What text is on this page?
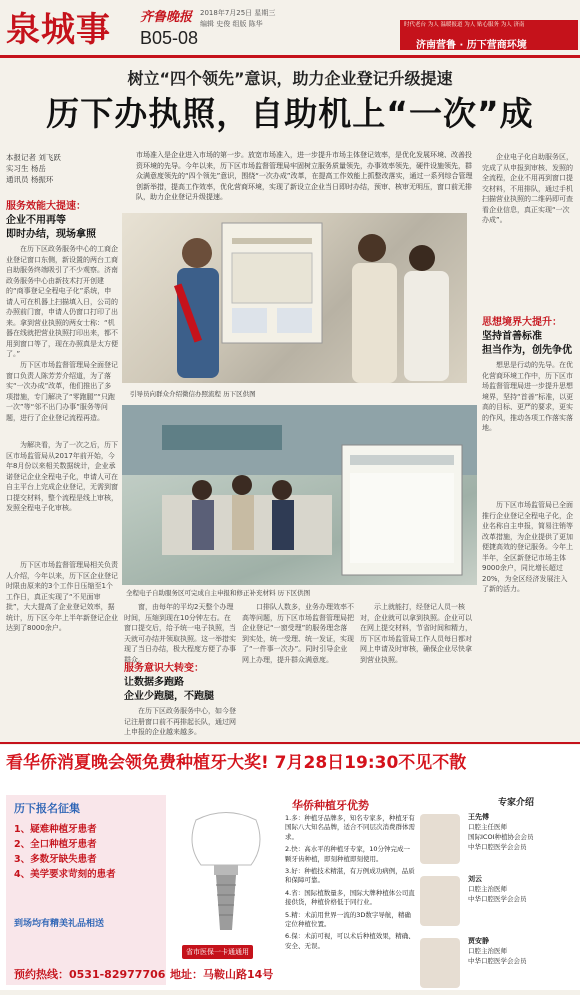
泉城事 齐鲁晚报 2018年7月25日 星期三
编辑 史俊 组版 陈华
B05-08
时代老台 为人 温暖报道 为人 贴心服务 为人 济南
济南营鲁 · 历下营商环境
树立“四个领先”意识，助力企业登记升级提速
历下办执照，自助机上“一次”成
本报记者 刘飞跃
实习生 杨岳
通讯员 杨振环
市场准入是企业进入市场的第一步。放宽市场准入，进一步提升市场主体登记效率，是优化发展环境、改善投资环境的先导。今年以来，历下区市场监督管理局牢固树立服务质量领先，办事效率领先，硬件设施领先，群众满意度领先的“四个领先”意识，围绕“一次办成”改革，在提高工作效能上抓整改落实，通过一系列综合管理创新举措，提高工作效率，优化营商环境，实现了新设立企业当日即时办结，预审、核审无明压，窗口前无排队，助力企业登记升级提速。
服务效能大提速：
企业不用再等
即时办结，现场拿照
在历下区政务服务中心的工商企业登记窗口东侧，新设置的两台工商自助服务终端吸引了不少观察。济南政务服务中心由新技术打开创建的“商事登记全程电子化”系统，申请人可在机器上扫描填入日，公司的办照前门窗，申请人仍窗口打印了出来。拿到营业执照的两女士称：“机器在线就把营业执照打印出来，都不用到窗口等了，现在办照真是太方便了。”
历下区市场监督管理局全面登记窗口负责人陈芳芳介绍道，为了落实“一次办成”改革，他们推出了多项措施，专门解决了“零跑腿”“只跑一次”等“邻不出门办事”服务等问题，进行了企业登记流程再造。
为解决看，为了一次之后，历下区市场监管局从2017年前开始，今年8月份以来相关数据统计，企业承诺登记企业全程电子化，申请人可在自主平台上完成企业登记，无需到窗口提交材料，整个流程是线上审核，发照全程电子化审核。
历下区市场监督管理局相关负责人介绍，今年以来，历下区企业登记时限由原来的3个工作日压缩至1个工作日，真正实现了“不见面审批”，大大提高了企业登记效率，据统计，历下区今年上半年新登记企业达到了8000余户。
引导员向群众介绍微信办照流程 历下区供图
全程电子自助服务区可完成自主申报和修正补充材料 历下区供图
窗，由每年的平均2天整个办理时间，压缩到现在10分钟左右。在窗口提交后，给予统一电子执照，当天就可办结并领取执照。这一举措实现了当日办结，极大程度方便了办事群众。
服务意识大转变：
让数据多跑路
企业少跑腿，不跑腿
在历下区政务服务中心，如今登记注册窗口前不再排起长队，通过网上申报的企业越来越多。
口排队人数多，业务办理效率不高等问题，历下区市场监督管理局把企业登记“一窗受理”的服务理念落到实处，统一受理、统一发证，实现了“一件事一次办”。同时引导企业网上办理，提升群众满意度。
示上就能打，经登记人员一核对，企业就可以拿到执照。企业可以在网上提交材料，节省时间和精力，历下区市场监管局工作人员每日都对网上申请及时审核，确保企业尽快拿到营业执照。
企业电子化自助服务区，完成了从申报到审核、发照的全流程，企业不用再到窗口提交材料，不用排队，通过手机扫描营业执照的二维码即可查看企业信息，真正实现“一次办成”。
思想境界大提升：
坚持首善标准
担当作为，创先争优
想思是行动的先导。在优化营商环境工作中，历下区市场监督管理局进一步提升思想境界，坚持“首善”标准，以更高的目标、更严的要求，更实的作风，推动各项工作落实落地。
历下区市场监管局已全面推行企业登记全程电子化，企业名称自主申报，简易注销等改革措施，为企业提供了更加便捷高效的登记服务。今年上半年，全区新登记市场主体9000余户，同比增长超过20%，为全区经济发展注入了新的活力。
看华侨消夏晚会领免费种植牙大奖! 7月28日19:30不见不散
历下报名征集
1、疑难种植牙患者
2、全口种植牙患者
3、多数牙缺失患者
4、美学要求苛刻的患者
到场均有精美礼品相送
预约热线：0531-82977706 地址：马鞍山路14号
省市医保一卡通通用
华侨种植牙优势
1.多：种植牙品牌多，知名专家多，种植牙有国际八大知名品牌，适合不同层次消费群体需求。
2.快：高水平的种植牙专家，10分钟完成一颗牙齿种植，即刻种植即刻使用。
3.好：种植技术精湛，有万例成功病例，品质和保障可靠。
4.省：国际植数量多，国际大牌种植体公司直接供货，种植价格低于同行业。
5.精：术前用世界一流的3D数字导航，精确定位种植位置。
6.保：术前可视，可以术后种植效果，精确、安全、无误。
专家介绍
王先傅
口腔主任医师
国际ICOI种植协会会员
中华口腔医学会会员
刘云
口腔主治医师
中华口腔医学会会员
贾安静
口腔主治医师
中华口腔医学会会员
